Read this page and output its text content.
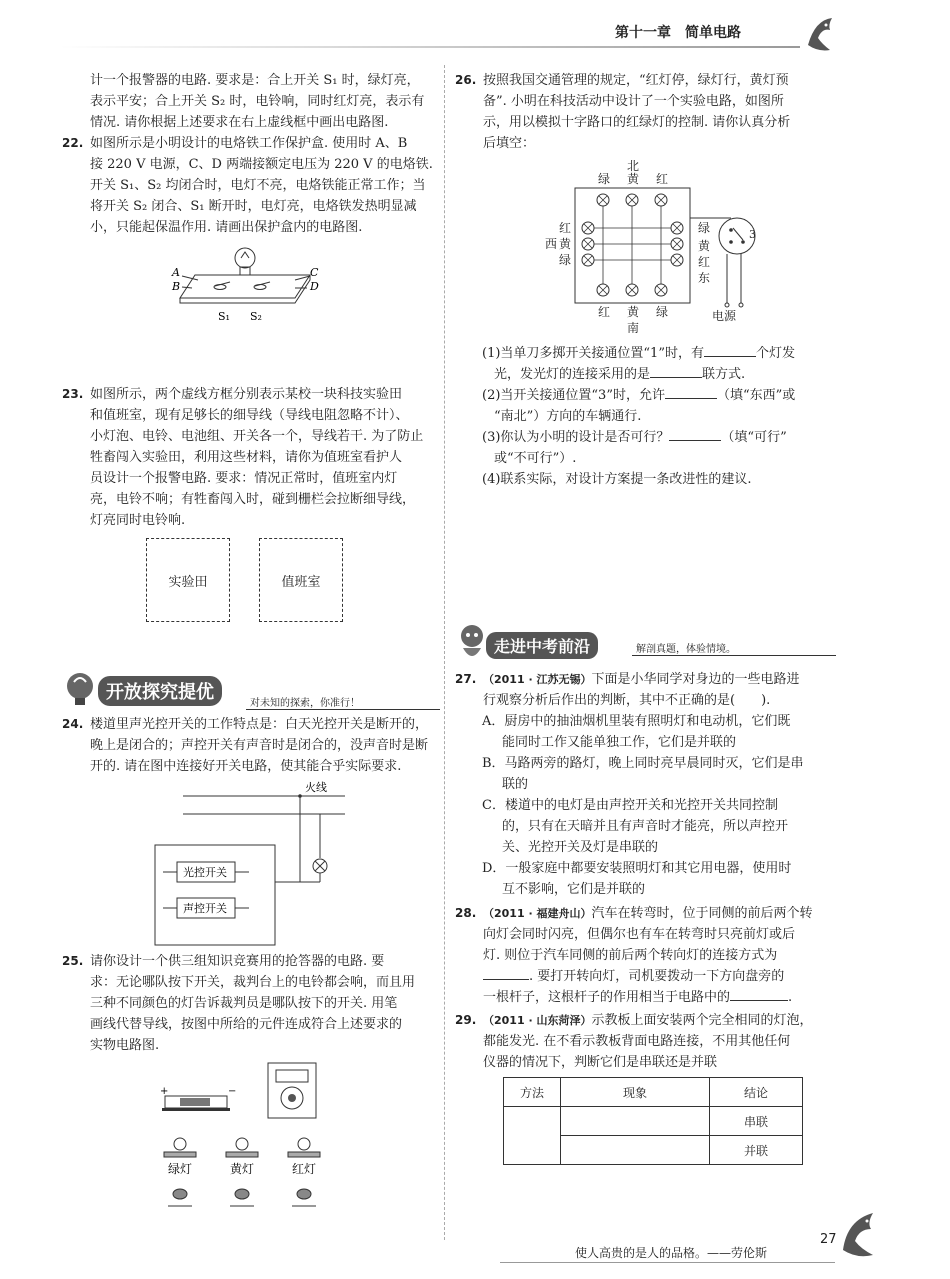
第十一章　简单电路

计一个报警器的电路. 要求是：合上开关 S₁ 时，绿灯亮，

表示平安；合上开关 S₂ 时，电铃响，同时红灯亮，表示有

情况. 请你根据上述要求在右上虚线框中画出电路图.

22. 如图所示是小明设计的电烙铁工作保护盒. 使用时 A、B

接 220 V 电源，C、D 两端接额定电压为 220 V 的电烙铁.

开关 S₁、S₂ 均闭合时，电灯不亮，电烙铁能正常工作；当

将开关 S₂ 闭合、S₁ 断开时，电灯亮，电烙铁发热明显减

小，只能起保温作用. 请画出保护盒内的电路图.

A
B
C
D
S₁ S₂
23. 如图所示，两个虚线方框分别表示某校一块科技实验田

和值班室，现有足够长的细导线（导线电阻忽略不计）、

小灯泡、电铃、电池组、开关各一个，导线若干. 为了防止

牲畜闯入实验田，利用这些材料，请你为值班室看护人

员设计一个报警电路. 要求：情况正常时，值班室内灯

亮，电铃不响；有牲畜闯入时，碰到栅栏会拉断细导线，

灯亮同时电铃响.

实验田	值班室
开放探究提优
对未知的探索，你准行！
24. 楼道里声光控开关的工作特点是：白天光控开关是断开的，

晚上是闭合的；声控开关有声音时是闭合的，没声音时是断

开的. 请在图中连接好开关电路，使其能合乎实际要求.

火线
光控开关
声控开关
25. 请你设计一个供三组知识竞赛用的抢答器的电路. 要

求：无论哪队按下开关，裁判台上的电铃都会响，而且用

三种不同颜色的灯告诉裁判员是哪队按下的开关. 用笔

画线代替导线，按图中所给的元件连成符合上述要求的

实物电路图.

+	−
绿灯	黄灯	红灯
26. 按照我国交通管理的规定，“红灯停，绿灯行，黄灯预

备”. 小明在科技活动中设计了一个实验电路，如图所

示，用以模拟十字路口的红绿灯的控制. 请你认真分析

后填空：

北
绿 黄 红
红
西 黄
绿
绿
黄
红
东
红 黄 绿
南
电源
3

(1)当单刀多掷开关接通位置“1”时，有	个灯发

光，发光灯的连接采用的是	联方式.

(2)当开关接通位置“3”时，允许	（填“东西”或

“南北”）方向的车辆通行.

(3)你认为小明的设计是否可行？	（填“可行”

或“不可行”）.

(4)联系实际，对设计方案提一条改进性的建议.

走进中考前沿	解剖真题，体验情境。
27. （2011 · 江苏无锡）下面是小华同学对身边的一些电路进

行观察分析后作出的判断，其中不正确的是(　　).

A．厨房中的抽油烟机里装有照明灯和电动机，它们既

能同时工作又能单独工作，它们是并联的

B．马路两旁的路灯，晚上同时亮早晨同时灭，它们是串

联的

C．楼道中的电灯是由声控开关和光控开关共同控制

的，只有在天暗并且有声音时才能亮，所以声控开

关、光控开关及灯是串联的

D．一般家庭中都要安装照明灯和其它用电器，使用时

互不影响，它们是并联的

28. （2011 · 福建舟山）汽车在转弯时，位于同侧的前后两个转

向灯会同时闪亮，但偶尔也有车在转弯时只亮前灯或后

灯. 则位于汽车同侧的前后两个转向灯的连接方式为

. 要打开转向灯，司机要拨动一下方向盘旁的

一根杆子，这根杆子的作用相当于电路中的	.

29. （2011 · 山东菏泽）示教板上面安装两个完全相同的灯泡，

都能发光. 在不看示教板背面电路连接，不用其他任何

仪器的情况下，判断它们是串联还是并联

方法	现象	结论
		串联
		并联
使人高贵的是人的品格。——劳伦斯
27
